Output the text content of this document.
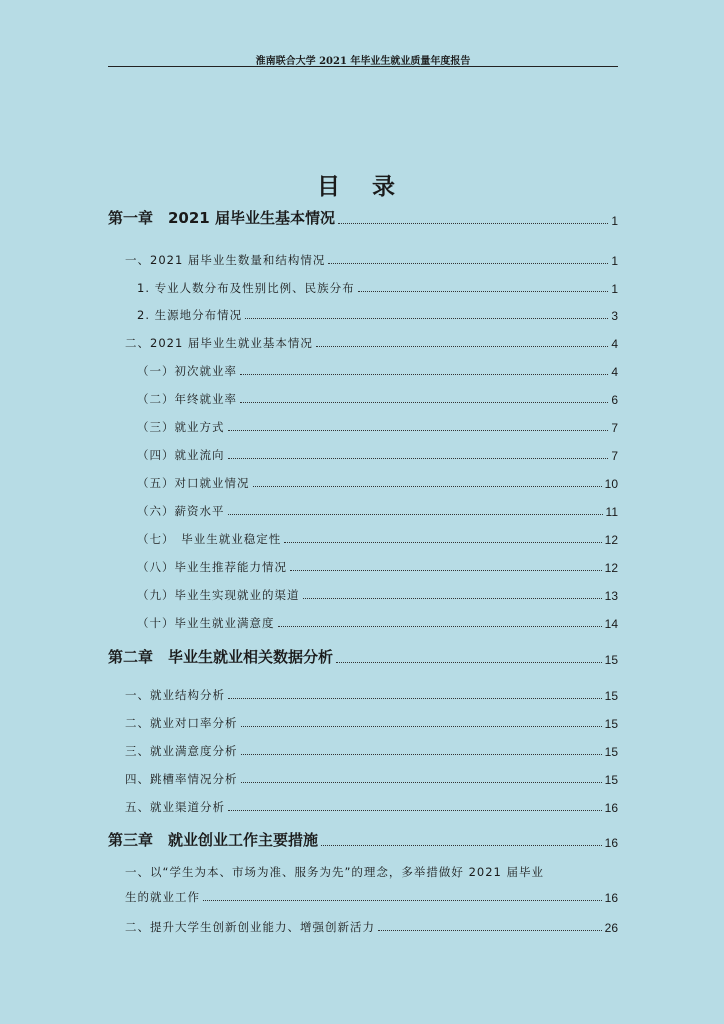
淮南联合大学 2021 年毕业生就业质量年度报告
目 录
第一章　2021 届毕业生基本情况	1
一、2021 届毕业生数量和结构情况	1
1. 专业人数分布及性别比例、民族分布	1
2. 生源地分布情况	3
二、2021 届毕业生就业基本情况	4
（一）初次就业率	4
（二）年终就业率	6
（三）就业方式	7
（四）就业流向	7
（五）对口就业情况	10
（六）薪资水平	11
（七）　毕业生就业稳定性	12
（八）毕业生推荐能力情况	12
（九）毕业生实现就业的渠道	13
（十）毕业生就业满意度	14
第二章　毕业生就业相关数据分析	15
一、就业结构分析	15
二、就业对口率分析	15
三、就业满意度分析	15
四、跳槽率情况分析	15
五、就业渠道分析	16
第三章　就业创业工作主要措施	16
一、以“学生为本、市场为准、服务为先”的理念，多举措做好 2021 届毕业
生的就业工作	16
二、提升大学生创新创业能力、增强创新活力	26
